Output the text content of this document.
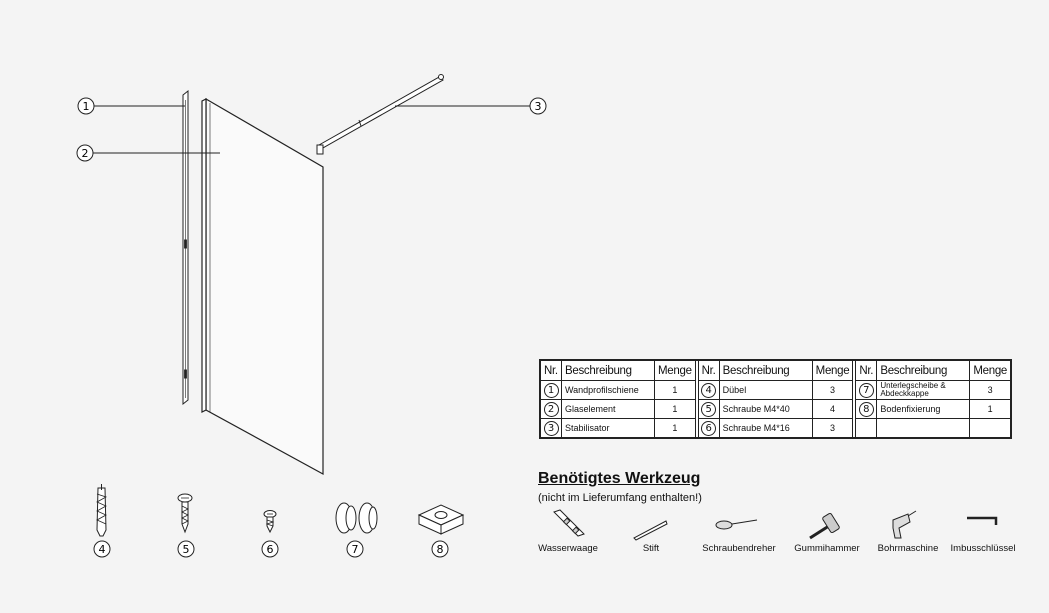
1
2
3
4	5	6	7	8
Nr.	Beschreibung	Menge		Nr.	Beschreibung	Menge		Nr.	Beschreibung	Menge
1	Wandprofilschiene	1		4	Dübel	3		7	Unterlegscheibe & Abdeckkappe	3
2	Glaselement	1		5	Schraube M4*40	4		8	Bodenfixierung	1
3	Stabilisator	1		6	Schraube M4*16	3				
Benötigtes Werkzeug
(nicht im Lieferumfang enthalten!)
Wasserwaage	Stift	Schraubendreher Gummihammer Bohrmaschine Imbusschlüssel
